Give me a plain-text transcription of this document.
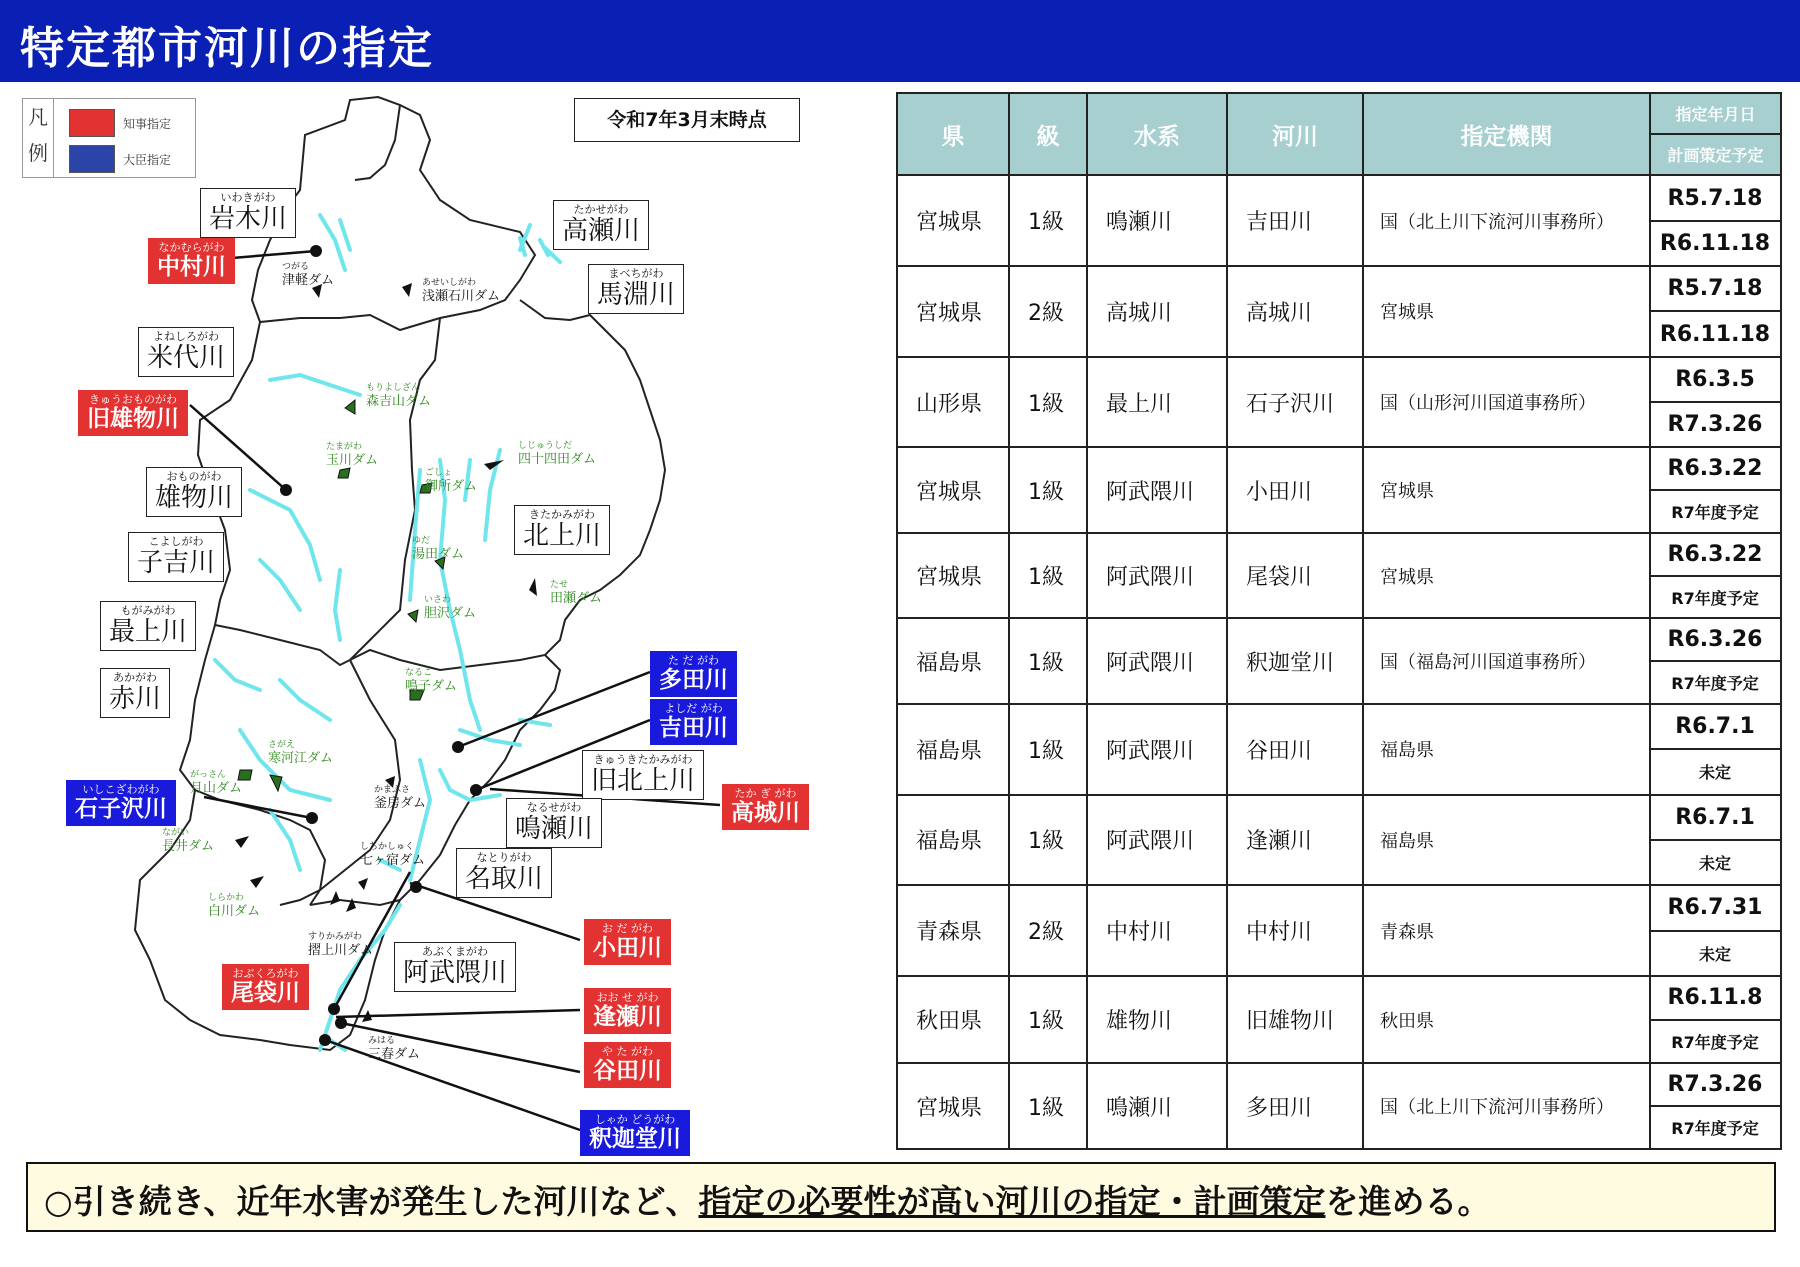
特定都市河川の指定
凡
例
知事指定
大臣指定
令和7年3月末時点
いわきがわ
岩木川
なかむらがわ
中村川
たかせがわ
高瀬川
まべちがわ
馬淵川
よねしろがわ
米代川
きゅうおものがわ
旧雄物川
おものがわ
雄物川
きたかみがわ
北上川
こよしがわ
子吉川
もがみがわ
最上川
あかがわ
赤川
た だ がわ
多田川
よしだ がわ
吉田川
きゅうきたかみがわ
旧北上川	たか ぎ がわ
高城川
いしこざわがわ
石子沢川	なるせがわ
鳴瀬川
なとりがわ
名取川
お だ がわ
小田川
あぶくまがわ
阿武隈川
おぶくろがわ
尾袋川	おお せ がわ
逢瀬川
や た がわ
谷田川
しゃか どうがわ
釈迦堂川
つがる
津軽ダム	あせいしがわ
浅瀬石川ダム
もりよしざん
森吉山ダム
たまがわ
玉川ダム
しじゅうしだ
四十四田ダム
ごしょ
御所ダム
ゆだ
湯田ダム
たせ
田瀬ダム
いさわ
胆沢ダム
なるこ
鳴子ダム
さがえ
寒河江ダム
がっさん
月山ダム	かまふさ
釜房ダム
ながい
長井ダム	しちかしゅく
七ヶ宿ダム
しらかわ
白川ダム
すりかみがわ
摺上川ダム
みはる
三春ダム
県	級	水系	河川	指定機関	指定年月日
					計画策定予定
宮城県	1級	鳴瀬川	吉田川	国（北上川下流河川事務所）	R5.7.18
					R6.11.18
宮城県	2級	高城川	高城川	宮城県	R5.7.18
					R6.11.18
山形県	1級	最上川	石子沢川	国（山形河川国道事務所）	R6.3.5
					R7.3.26
宮城県	1級	阿武隈川	小田川	宮城県	R6.3.22
					R7年度予定
宮城県	1級	阿武隈川	尾袋川	宮城県	R6.3.22
					R7年度予定
福島県	1級	阿武隈川	釈迦堂川	国（福島河川国道事務所）	R6.3.26
					R7年度予定
福島県	1級	阿武隈川	谷田川	福島県	R6.7.1
					未定
福島県	1級	阿武隈川	逢瀬川	福島県	R6.7.1
					未定
青森県	2級	中村川	中村川	青森県	R6.7.31
					未定
秋田県	1級	雄物川	旧雄物川	秋田県	R6.11.8
					R7年度予定
宮城県	1級	鳴瀬川	多田川	国（北上川下流河川事務所）	R7.3.26
					R7年度予定
○引き続き、近年水害が発生した河川など、指定の必要性が高い河川の指定・計画策定を進める。
